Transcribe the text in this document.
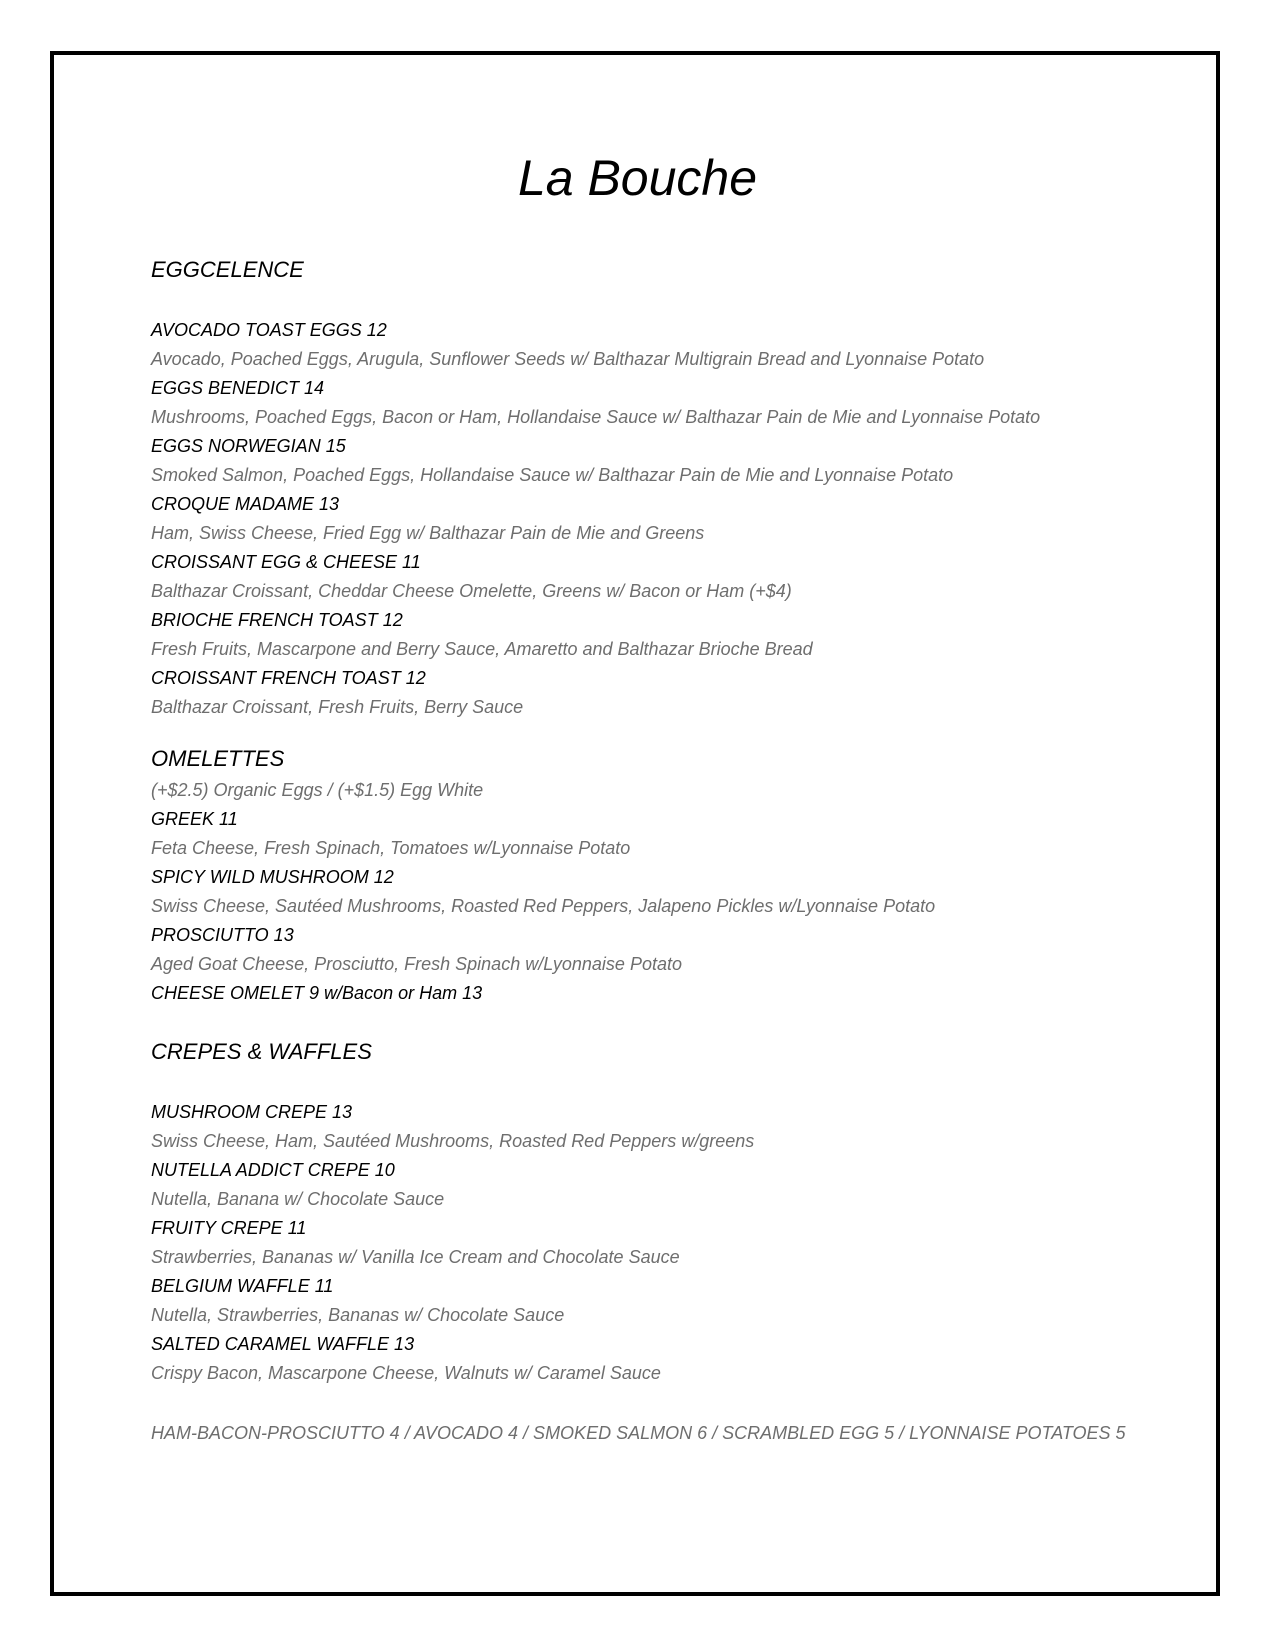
La Bouche
EGGCELENCE
AVOCADO TOAST EGGS 12
Avocado, Poached Eggs, Arugula, Sunflower Seeds w/ Balthazar Multigrain Bread and Lyonnaise Potato
EGGS BENEDICT 14
Mushrooms, Poached Eggs, Bacon or Ham, Hollandaise Sauce w/ Balthazar Pain de Mie and Lyonnaise Potato
EGGS NORWEGIAN 15
Smoked Salmon, Poached Eggs, Hollandaise Sauce w/ Balthazar Pain de Mie and Lyonnaise Potato
CROQUE MADAME 13
Ham, Swiss Cheese, Fried Egg w/ Balthazar Pain de Mie and Greens
CROISSANT EGG & CHEESE 11
Balthazar Croissant, Cheddar Cheese Omelette, Greens w/ Bacon or Ham (+$4)
BRIOCHE FRENCH TOAST 12
Fresh Fruits, Mascarpone and Berry Sauce, Amaretto and Balthazar Brioche Bread
CROISSANT FRENCH TOAST 12
Balthazar Croissant, Fresh Fruits, Berry Sauce
OMELETTES
(+$2.5) Organic Eggs / (+$1.5) Egg White
GREEK 11
Feta Cheese, Fresh Spinach, Tomatoes w/Lyonnaise Potato
SPICY WILD MUSHROOM 12
Swiss Cheese, Sautéed Mushrooms, Roasted Red Peppers, Jalapeno Pickles w/Lyonnaise Potato
PROSCIUTTO 13
Aged Goat Cheese, Prosciutto, Fresh Spinach w/Lyonnaise Potato
CHEESE OMELET 9 w/Bacon or Ham 13
CREPES & WAFFLES
MUSHROOM CREPE 13
Swiss Cheese, Ham, Sautéed Mushrooms, Roasted Red Peppers w/greens
NUTELLA ADDICT CREPE 10
Nutella, Banana w/ Chocolate Sauce
FRUITY CREPE 11
Strawberries, Bananas w/ Vanilla Ice Cream and Chocolate Sauce
BELGIUM WAFFLE 11
Nutella, Strawberries, Bananas w/ Chocolate Sauce
SALTED CARAMEL WAFFLE 13
Crispy Bacon, Mascarpone Cheese, Walnuts w/ Caramel Sauce
HAM-BACON-PROSCIUTTO 4 / AVOCADO 4 / SMOKED SALMON 6 / SCRAMBLED EGG 5 / LYONNAISE POTATOES 5
